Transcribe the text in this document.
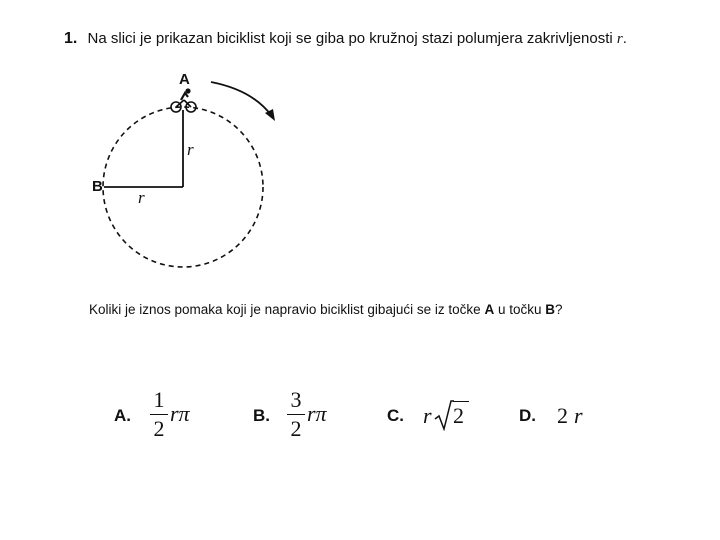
1. Na slici je prikazan biciklist koji se giba po kružnoj stazi polumjera zakrivljenosti r.
A
B
r
r
Koliki je iznos pomaka koji je napravio biciklist gibajući se iz točke A u točku B?
A.
1
2
rπ	B.
3
2
rπ	C. r 2	D. 2 r
